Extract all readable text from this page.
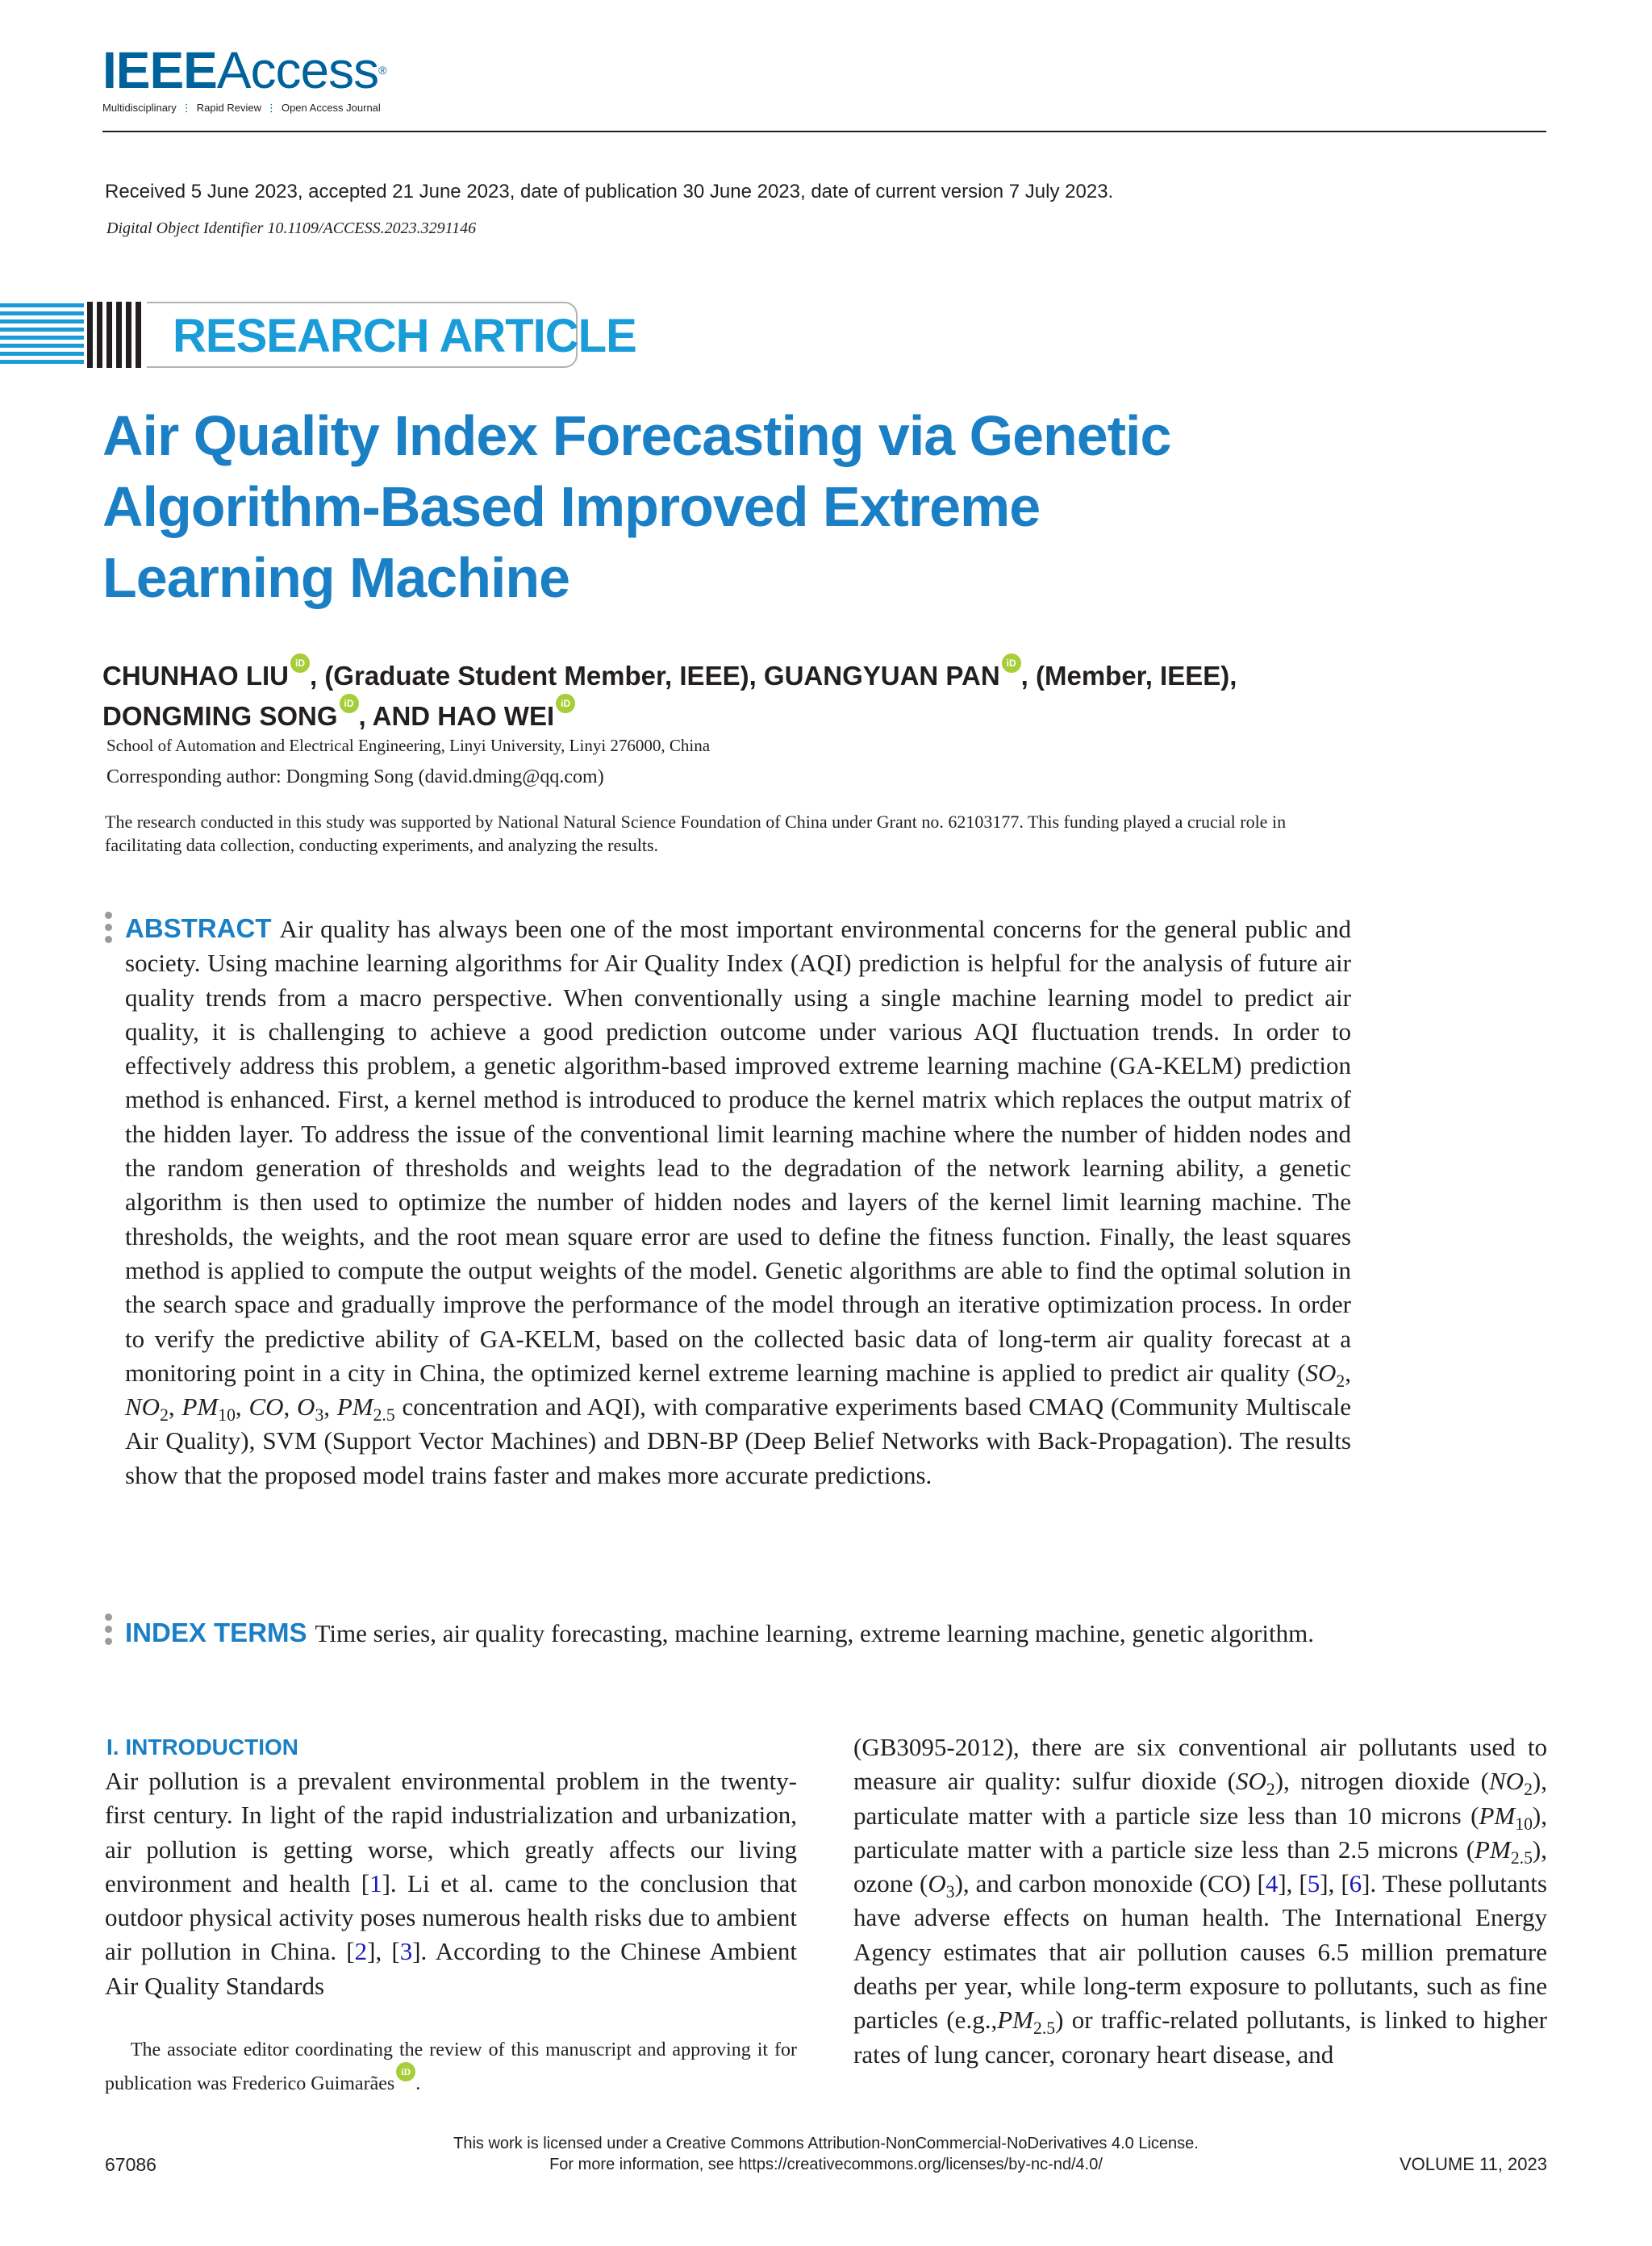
IEEEAccess®
Multidisciplinary ⋮ Rapid Review ⋮ Open Access Journal
Received 5 June 2023, accepted 21 June 2023, date of publication 30 June 2023, date of current version 7 July 2023.
Digital Object Identifier 10.1109/ACCESS.2023.3291146
RESEARCH ARTICLE
Air Quality Index Forecasting via Genetic
Algorithm-Based Improved Extreme
Learning Machine
CHUNHAO LIU iD , (Graduate Student Member, IEEE), GUANGYUAN PAN iD , (Member, IEEE),
DONGMING SONG iD , AND HAO WEI iD
School of Automation and Electrical Engineering, Linyi University, Linyi 276000, China
Corresponding author: Dongming Song (david.dming@qq.com)
The research conducted in this study was supported by National Natural Science Foundation of China under Grant no. 62103177. This funding played a crucial role in facilitating data collection, conducting experiments, and analyzing the results.
ABSTRACT Air quality has always been one of the most important environmental concerns for the general public and society. Using machine learning algorithms for Air Quality Index (AQI) prediction is helpful for the analysis of future air quality trends from a macro perspective. When conventionally using a single machine learning model to predict air quality, it is challenging to achieve a good prediction outcome under various AQI fluctuation trends. In order to effectively address this problem, a genetic algorithm-based improved extreme learning machine (GA-KELM) prediction method is enhanced. First, a kernel method is introduced to produce the kernel matrix which replaces the output matrix of the hidden layer. To address the issue of the conventional limit learning machine where the number of hidden nodes and the random generation of thresholds and weights lead to the degradation of the network learning ability, a genetic algorithm is then used to optimize the number of hidden nodes and layers of the kernel limit learning machine. The thresholds, the weights, and the root mean square error are used to define the fitness function. Finally, the least squares method is applied to compute the output weights of the model. Genetic algorithms are able to find the optimal solution in the search space and gradually improve the performance of the model through an iterative optimization process. In order to verify the predictive ability of GA-KELM, based on the collected basic data of long-term air quality forecast at a monitoring point in a city in China, the optimized kernel extreme learning machine is applied to predict air quality ($SO_2$, $NO_2$, $PM_{10}$, CO, $O_3$, $PM_{2.5}$ concentration and AQI), with comparative experiments based CMAQ (Community Multiscale Air Quality), SVM (Support Vector Machines) and DBN-BP (Deep Belief Networks with Back-Propagation). The results show that the proposed model trains faster and makes more accurate predictions.
INDEX TERMS Time series, air quality forecasting, machine learning, extreme learning machine, genetic algorithm.
I. INTRODUCTION
Air pollution is a prevalent environmental problem in the twenty-first century. In light of the rapid industrialization and urbanization, air pollution is getting worse, which greatly affects our living environment and health [1]. Li et al. came to the conclusion that outdoor physical activity poses numerous health risks due to ambient air pollution in China. [2], [3]. According to the Chinese Ambient Air Quality Standards
The associate editor coordinating the review of this manuscript and approving it for publication was Frederico GuimarãesiD.
(GB3095-2012), there are six conventional air pollutants used to measure air quality: sulfur dioxide $(SO_2)$, nitrogen dioxide $(NO_2)$, particulate matter with a particle size less than 10 microns $(PM_{10})$, particulate matter with a particle size less than 2.5 microns $(PM_{2.5})$, ozone $(O_3)$, and carbon monoxide (CO) [4], [5], [6]. These pollutants have adverse effects on human health. The International Energy Agency estimates that air pollution causes 6.5 million premature deaths per year, while long-term exposure to pollutants, such as fine particles $(e.g.,PM_{2.5})$ or traffic-related pollutants, is linked to higher rates of lung cancer, coronary heart disease, and
This work is licensed under a Creative Commons Attribution-NonCommercial-NoDerivatives 4.0 License.
For more information, see https://creativecommons.org/licenses/by-nc-nd/4.0/
67086	VOLUME 11, 2023
